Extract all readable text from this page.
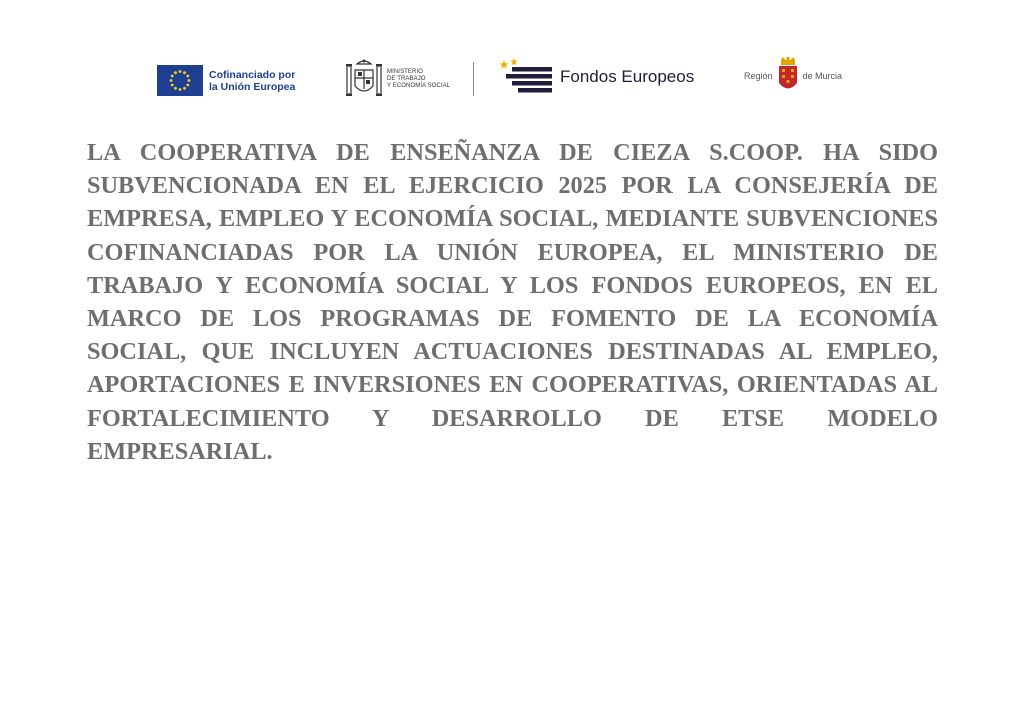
Cofinanciado por
la Unión Europea
MINISTERIO
DE TRABAJO
Y ECONOMÍA SOCIAL	Fondos Europeos	Región	de Murcia

LA COOPERATIVA DE ENSEÑANZA DE CIEZA S.COOP. HA SIDO SUBVENCIONADA EN EL EJERCICIO 2025 POR LA CONSEJERÍA DE EMPRESA, EMPLEO Y ECONOMÍA SOCIAL, MEDIANTE SUBVENCIONES COFINANCIADAS POR LA UNIÓN EUROPEA, EL MINISTERIO DE TRABAJO Y ECONOMÍA SOCIAL Y LOS FONDOS EUROPEOS, EN EL MARCO DE LOS PROGRAMAS DE FOMENTO DE LA ECONOMÍA SOCIAL, QUE INCLUYEN ACTUACIONES DESTINADAS AL EMPLEO, APORTACIONES E INVERSIONES EN COOPERATIVAS, ORIENTADAS AL FORTALECIMIENTO Y DESARROLLO DE ETSE MODELO EMPRESARIAL.
